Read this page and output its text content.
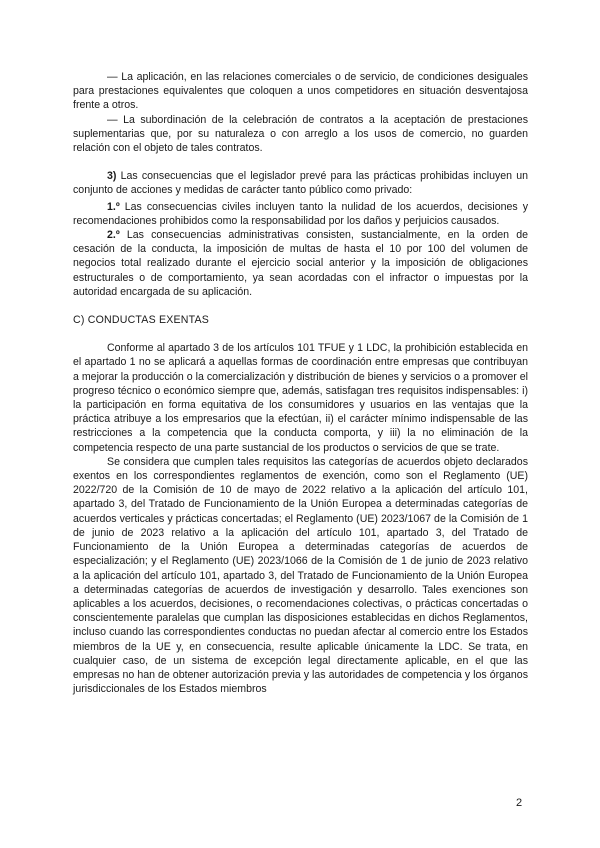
— La aplicación, en las relaciones comerciales o de servicio, de condiciones desiguales para prestaciones equivalentes que coloquen a unos competidores en situación desventajosa frente a otros.

— La subordinación de la celebración de contratos a la aceptación de prestaciones suplementarias que, por su naturaleza o con arreglo a los usos de comercio, no guarden relación con el objeto de tales contratos.

3) Las consecuencias que el legislador prevé para las prácticas prohibidas incluyen un conjunto de acciones y medidas de carácter tanto público como privado:

1.º Las consecuencias civiles incluyen tanto la nulidad de los acuerdos, decisiones y recomendaciones prohibidos como la responsabilidad por los daños y perjuicios causados.

2.º Las consecuencias administrativas consisten, sustancialmente, en la orden de cesación de la conducta, la imposición de multas de hasta el 10 por 100 del volumen de negocios total realizado durante el ejercicio social anterior y la imposición de obligaciones estructurales o de comportamiento, ya sean acordadas con el infractor o impuestas por la autoridad encargada de su aplicación.

C) CONDUCTAS EXENTAS

Conforme al apartado 3 de los artículos 101 TFUE y 1 LDC, la prohibición establecida en el apartado 1 no se aplicará a aquellas formas de coordinación entre empresas que contribuyan a mejorar la producción o la comercialización y distribución de bienes y servicios o a promover el progreso técnico o económico siempre que, además, satisfagan tres requisitos indispensables: i) la participación en forma equitativa de los consumidores y usuarios en las ventajas que la práctica atribuye a los empresarios que la efectúan, ii) el carácter mínimo indispensable de las restricciones a la competencia que la conducta comporta, y iii) la no eliminación de la competencia respecto de una parte sustancial de los productos o servicios de que se trate.

Se considera que cumplen tales requisitos las categorías de acuerdos objeto declarados exentos en los correspondientes reglamentos de exención, como son el Reglamento (UE) 2022/720 de la Comisión de 10 de mayo de 2022 relativo a la aplicación del artículo 101, apartado 3, del Tratado de Funcionamiento de la Unión Europea a determinadas categorías de acuerdos verticales y prácticas concertadas; el Reglamento (UE) 2023/1067 de la Comisión de 1 de junio de 2023 relativo a la aplicación del artículo 101, apartado 3, del Tratado de Funcionamiento de la Unión Europea a determinadas categorías de acuerdos de especialización; y el Reglamento (UE) 2023/1066 de la Comisión de 1 de junio de 2023 relativo a la aplicación del artículo 101, apartado 3, del Tratado de Funcionamiento de la Unión Europea a determinadas categorías de acuerdos de investigación y desarrollo. Tales exenciones son aplicables a los acuerdos, decisiones, o recomendaciones colectivas, o prácticas concertadas o conscientemente paralelas que cumplan las disposiciones establecidas en dichos Reglamentos, incluso cuando las correspondientes conductas no puedan afectar al comercio entre los Estados miembros de la UE y, en consecuencia, resulte aplicable únicamente la LDC. Se trata, en cualquier caso, de un sistema de excepción legal directamente aplicable, en el que las empresas no han de obtener autorización previa y las autoridades de competencia y los órganos jurisdiccionales de los Estados miembros

2
